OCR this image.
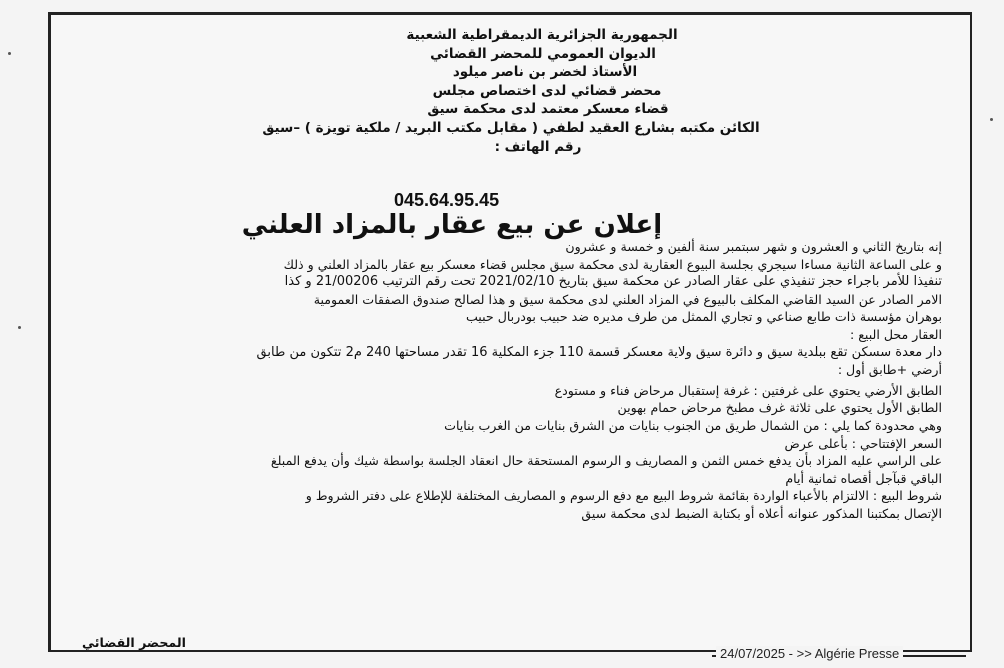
الجمهورية الجزائرية الديمقراطية الشعبية
الديوان العمومي للمحضر القضائي
الأستاذ لخضر بن ناصر ميلود
محضر قضائي لدى اختصاص مجلس
قضاء معسكر معتمد لدى محكمة سيق
الكائن مكتبه بشارع العقيد لطفي ( مقابل مكتب البريد / ملكية تويزة ) –سيق
رقم الهاتف :
045.64.95.45
إعلان عن بيع عقار بالمزاد العلني
إنه بتاريخ الثاني و العشرون و شهر سبتمبر سنة ألفين و خمسة و عشرون
و على الساعة الثانية مساءا سيجري بجلسة البيوع العقارية لدى محكمة سيق مجلس قضاء معسكر بيع عقار بالمزاد العلني و ذلك
تنفيذا للأمر باجراء حجز تنفيذي على عقار الصادر عن محكمة سيق بتاريخ 2021/02/10 تحت رقم الترتيب 21/00206 و كذا
الامر الصادر عن السيد القاضي المكلف بالبيوع في المزاد العلني لدى محكمة سيق و هذا لصالح صندوق الصفقات العمومية
بوهران مؤسسة ذات طابع صناعي و تجاري الممثل من طرف مديره ضد حبيب بودربال حبيب
العقار محل البيع :
دار معدة سسكن تقع ببلدية سيق و دائرة سيق ولاية معسكر قسمة 110 جزء المكلية 16 تقدر مساحتها 240 م2 تتكون من طابق
أرضي +طابق أول :
الطابق الأرضي يحتوي على غرفتين : غرفة إستقبال مرحاض فناء و مستودع
الطابق الأول يحتوي على ثلاثة غرف مطبخ مرحاض حمام بهوين
وهي محدودة كما يلي : من الشمال طريق من الجنوب بنايات من الشرق بنايات من الغرب بنايات
السعر الإفتتاحي : بأعلى عرض
على الراسي عليه المزاد بأن يدفع خمس الثمن و المصاريف و الرسوم المستحقة حال انعقاد الجلسة بواسطة شيك وأن يدفع المبلغ
الباقي قبآجل أقصاه ثمانية أيام
شروط البيع : الالتزام بالأعباء الواردة بقائمة شروط البيع مع دفع الرسوم و المصاريف المختلفة للإطلاع على دفتر الشروط و
الإتصال بمكتبنا المذكور عنوانه أعلاه أو بكتابة الضبط لدى محكمة سيق
المحضر القضائي
24/07/2025 - >> Algérie Presse
